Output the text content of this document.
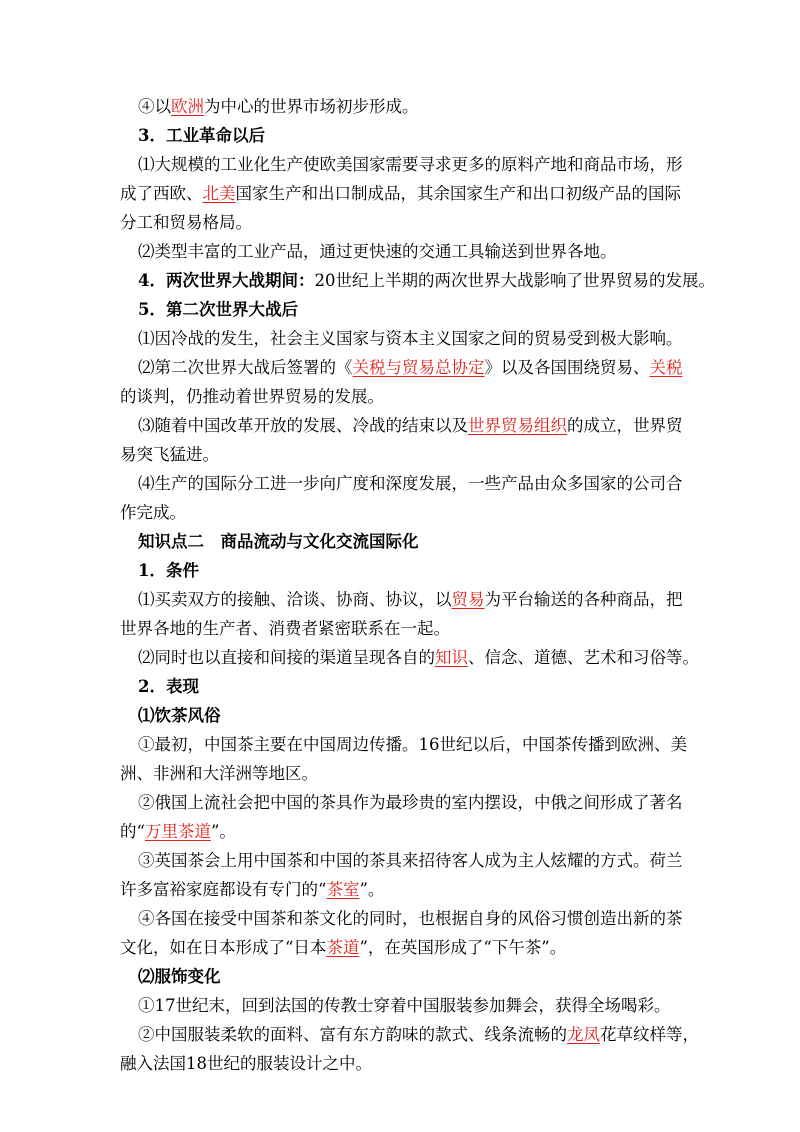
④以欧洲为中心的世界市场初步形成。
3．工业革命以后
⑴大规模的工业化生产使欧美国家需要寻求更多的原料产地和商品市场，形
成了西欧、北美国家生产和出口制成品，其余国家生产和出口初级产品的国际
分工和贸易格局。
⑵类型丰富的工业产品，通过更快速的交通工具输送到世界各地。
4．两次世界大战期间：20世纪上半期的两次世界大战影响了世界贸易的发展。
5．第二次世界大战后
⑴因冷战的发生，社会主义国家与资本主义国家之间的贸易受到极大影响。
⑵第二次世界大战后签署的《关税与贸易总协定》以及各国围绕贸易、关税
的谈判，仍推动着世界贸易的发展。
⑶随着中国改革开放的发展、冷战的结束以及世界贸易组织的成立，世界贸
易突飞猛进。
⑷生产的国际分工进一步向广度和深度发展，一些产品由众多国家的公司合
作完成。
知识点二　商品流动与文化交流国际化
1．条件
⑴买卖双方的接触、洽谈、协商、协议，以贸易为平台输送的各种商品，把
世界各地的生产者、消费者紧密联系在一起。
⑵同时也以直接和间接的渠道呈现各自的知识、信念、道德、艺术和习俗等。
2．表现
⑴饮茶风俗
①最初，中国茶主要在中国周边传播。16世纪以后，中国茶传播到欧洲、美
洲、非洲和大洋洲等地区。
②俄国上流社会把中国的茶具作为最珍贵的室内摆设，中俄之间形成了著名
的“万里茶道”。
③英国茶会上用中国茶和中国的茶具来招待客人成为主人炫耀的方式。荷兰
许多富裕家庭都设有专门的“茶室”。
④各国在接受中国茶和茶文化的同时，也根据自身的风俗习惯创造出新的茶
文化，如在日本形成了“日本茶道”，在英国形成了“下午茶”。
⑵服饰变化
①17世纪末，回到法国的传教士穿着中国服装参加舞会，获得全场喝彩。
②中国服装柔软的面料、富有东方韵味的款式、线条流畅的龙凤花草纹样等，
融入法国18世纪的服装设计之中。
